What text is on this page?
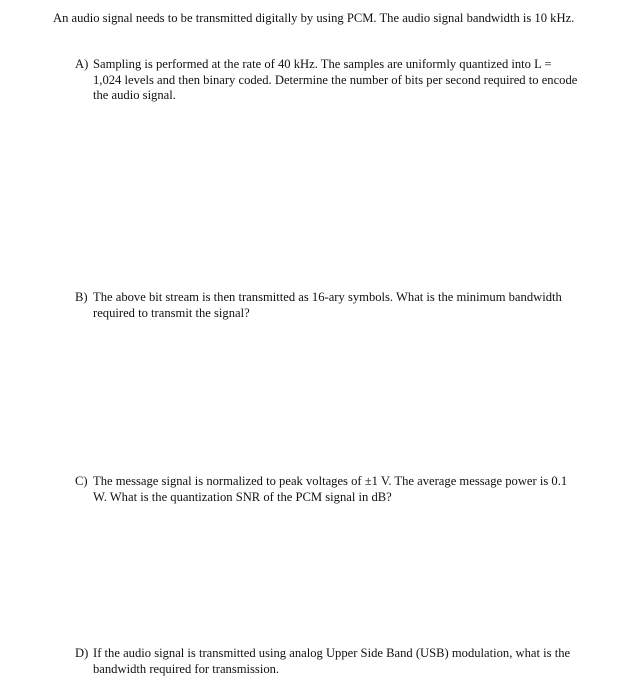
An audio signal needs to be transmitted digitally by using PCM. The audio signal bandwidth is 10 kHz.
A) Sampling is performed at the rate of 40 kHz. The samples are uniformly quantized into L = 1,024 levels and then binary coded. Determine the number of bits per second required to encode the audio signal.
B) The above bit stream is then transmitted as 16-ary symbols. What is the minimum bandwidth required to transmit the signal?
C) The message signal is normalized to peak voltages of ±1 V. The average message power is 0.1 W. What is the quantization SNR of the PCM signal in dB?
D) If the audio signal is transmitted using analog Upper Side Band (USB) modulation, what is the bandwidth required for transmission.
